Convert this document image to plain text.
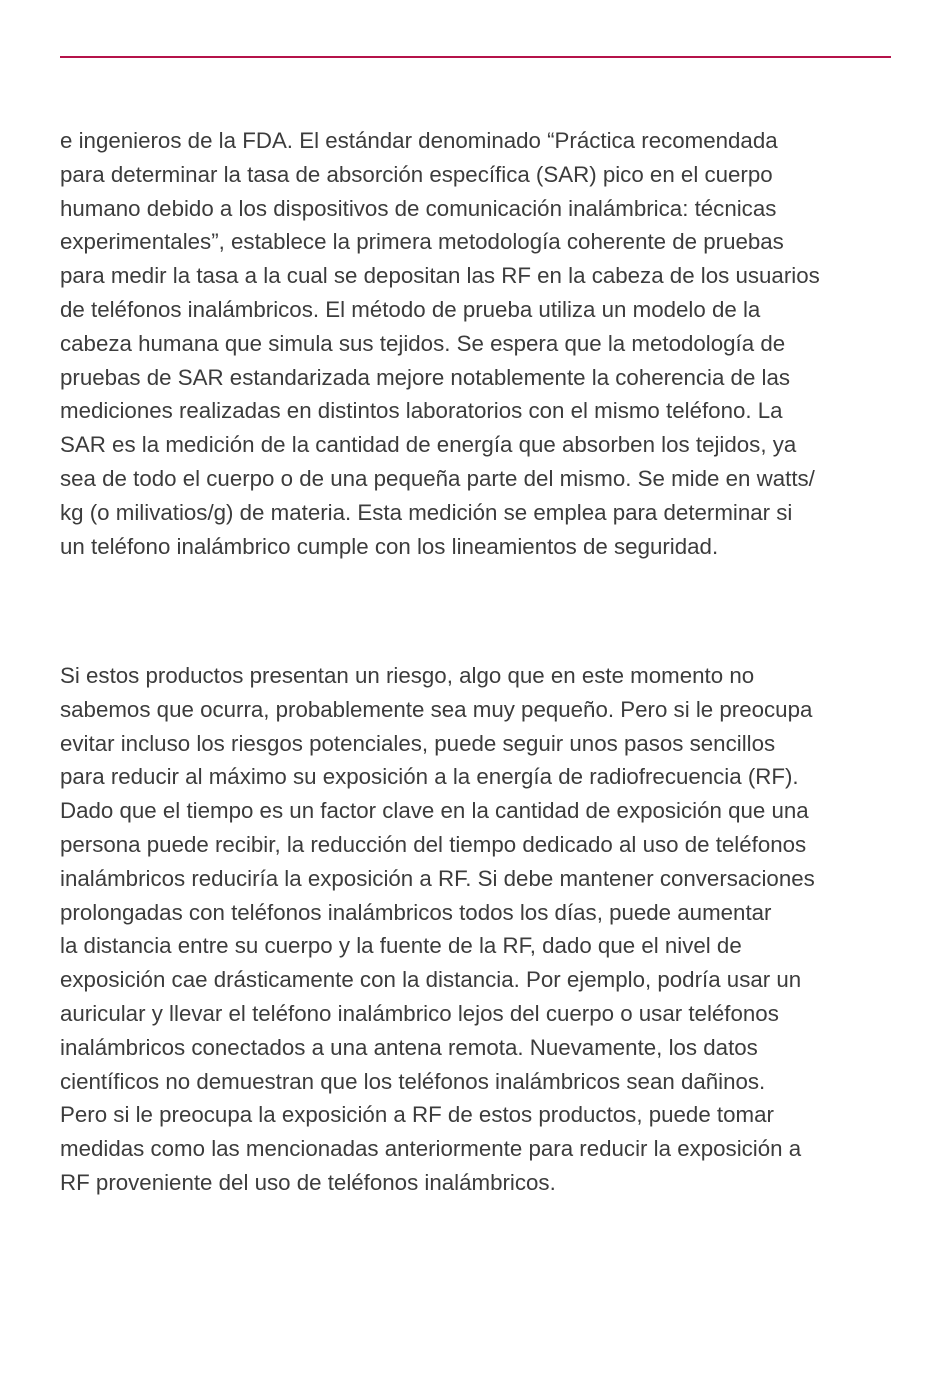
e ingenieros de la FDA. El estándar denominado “Práctica recomendada
para determinar la tasa de absorción específica (SAR) pico en el cuerpo
humano debido a los dispositivos de comunicación inalámbrica: técnicas
experimentales”, establece la primera metodología coherente de pruebas
para medir la tasa a la cual se depositan las RF en la cabeza de los usuarios
de teléfonos inalámbricos. El método de prueba utiliza un modelo de la
cabeza humana que simula sus tejidos. Se espera que la metodología de
pruebas de SAR estandarizada mejore notablemente la coherencia de las
mediciones realizadas en distintos laboratorios con el mismo teléfono. La
SAR es la medición de la cantidad de energía que absorben los tejidos, ya
sea de todo el cuerpo o de una pequeña parte del mismo. Se mide en watts/
kg (o milivatios/g) de materia. Esta medición se emplea para determinar si
un teléfono inalámbrico cumple con los lineamientos de seguridad.

Si estos productos presentan un riesgo, algo que en este momento no
sabemos que ocurra, probablemente sea muy pequeño. Pero si le preocupa
evitar incluso los riesgos potenciales, puede seguir unos pasos sencillos
para reducir al máximo su exposición a la energía de radiofrecuencia (RF).
Dado que el tiempo es un factor clave en la cantidad de exposición que una
persona puede recibir, la reducción del tiempo dedicado al uso de teléfonos
inalámbricos reduciría la exposición a RF. Si debe mantener conversaciones
prolongadas con teléfonos inalámbricos todos los días, puede aumentar
la distancia entre su cuerpo y la fuente de la RF, dado que el nivel de
exposición cae drásticamente con la distancia. Por ejemplo, podría usar un
auricular y llevar el teléfono inalámbrico lejos del cuerpo o usar teléfonos
inalámbricos conectados a una antena remota. Nuevamente, los datos
científicos no demuestran que los teléfonos inalámbricos sean dañinos.
Pero si le preocupa la exposición a RF de estos productos, puede tomar
medidas como las mencionadas anteriormente para reducir la exposición a
RF proveniente del uso de teléfonos inalámbricos.
